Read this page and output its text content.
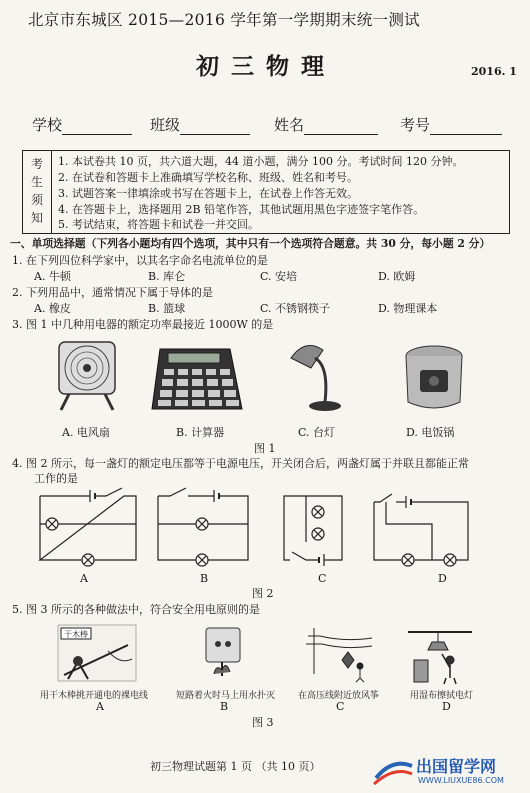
北京市东城区 2015—2016 学年第一学期期末统一测试
初 三 物 理	2016. 1
学校	班级	姓名	考号
考
生
须
知
1. 本试卷共 10 页，共六道大题，44 道小题，满分 100 分。考试时间 120 分钟。
2. 在试卷和答题卡上准确填写学校名称、班级、姓名和考号。
3. 试题答案一律填涂或书写在答题卡上，在试卷上作答无效。
4. 在答题卡上，选择题用 2B 铅笔作答，其他试题用黑色字迹签字笔作答。
5. 考试结束，将答题卡和试卷一并交回。
一、单项选择题（下列各小题均有四个选项，其中只有一个选项符合题意。共 30 分，每小题 2 分）
1. 在下列四位科学家中，以其名字命名电流单位的是
A. 牛顿	B. 库仑	C. 安培	D. 欧姆
2. 下列用品中，通常情况下属于导体的是
A. 橡皮	B. 篮球	C. 不锈钢筷子	D. 物理课本
3. 图 1 中几种用电器的额定功率最接近 1000W 的是
A. 电风扇	B. 计算器	C. 台灯	D. 电饭锅
图 1
4. 图 2 所示，每一盏灯的额定电压都等于电源电压，开关闭合后，两盏灯属于并联且都能正常
工作的是
A	B	C	D
图 2
5. 图 3 所示的各种做法中，符合安全用电原则的是
干木棒
用干木棒挑开通电的裸电线	短路着火时马上用水扑灭	在高压线附近放风筝	用湿布擦拭电灯
A	B	C	D
图 3
初三物理试题第 1 页 （共 10 页）	出国留学网
WWW.LIUXUE86.COM
